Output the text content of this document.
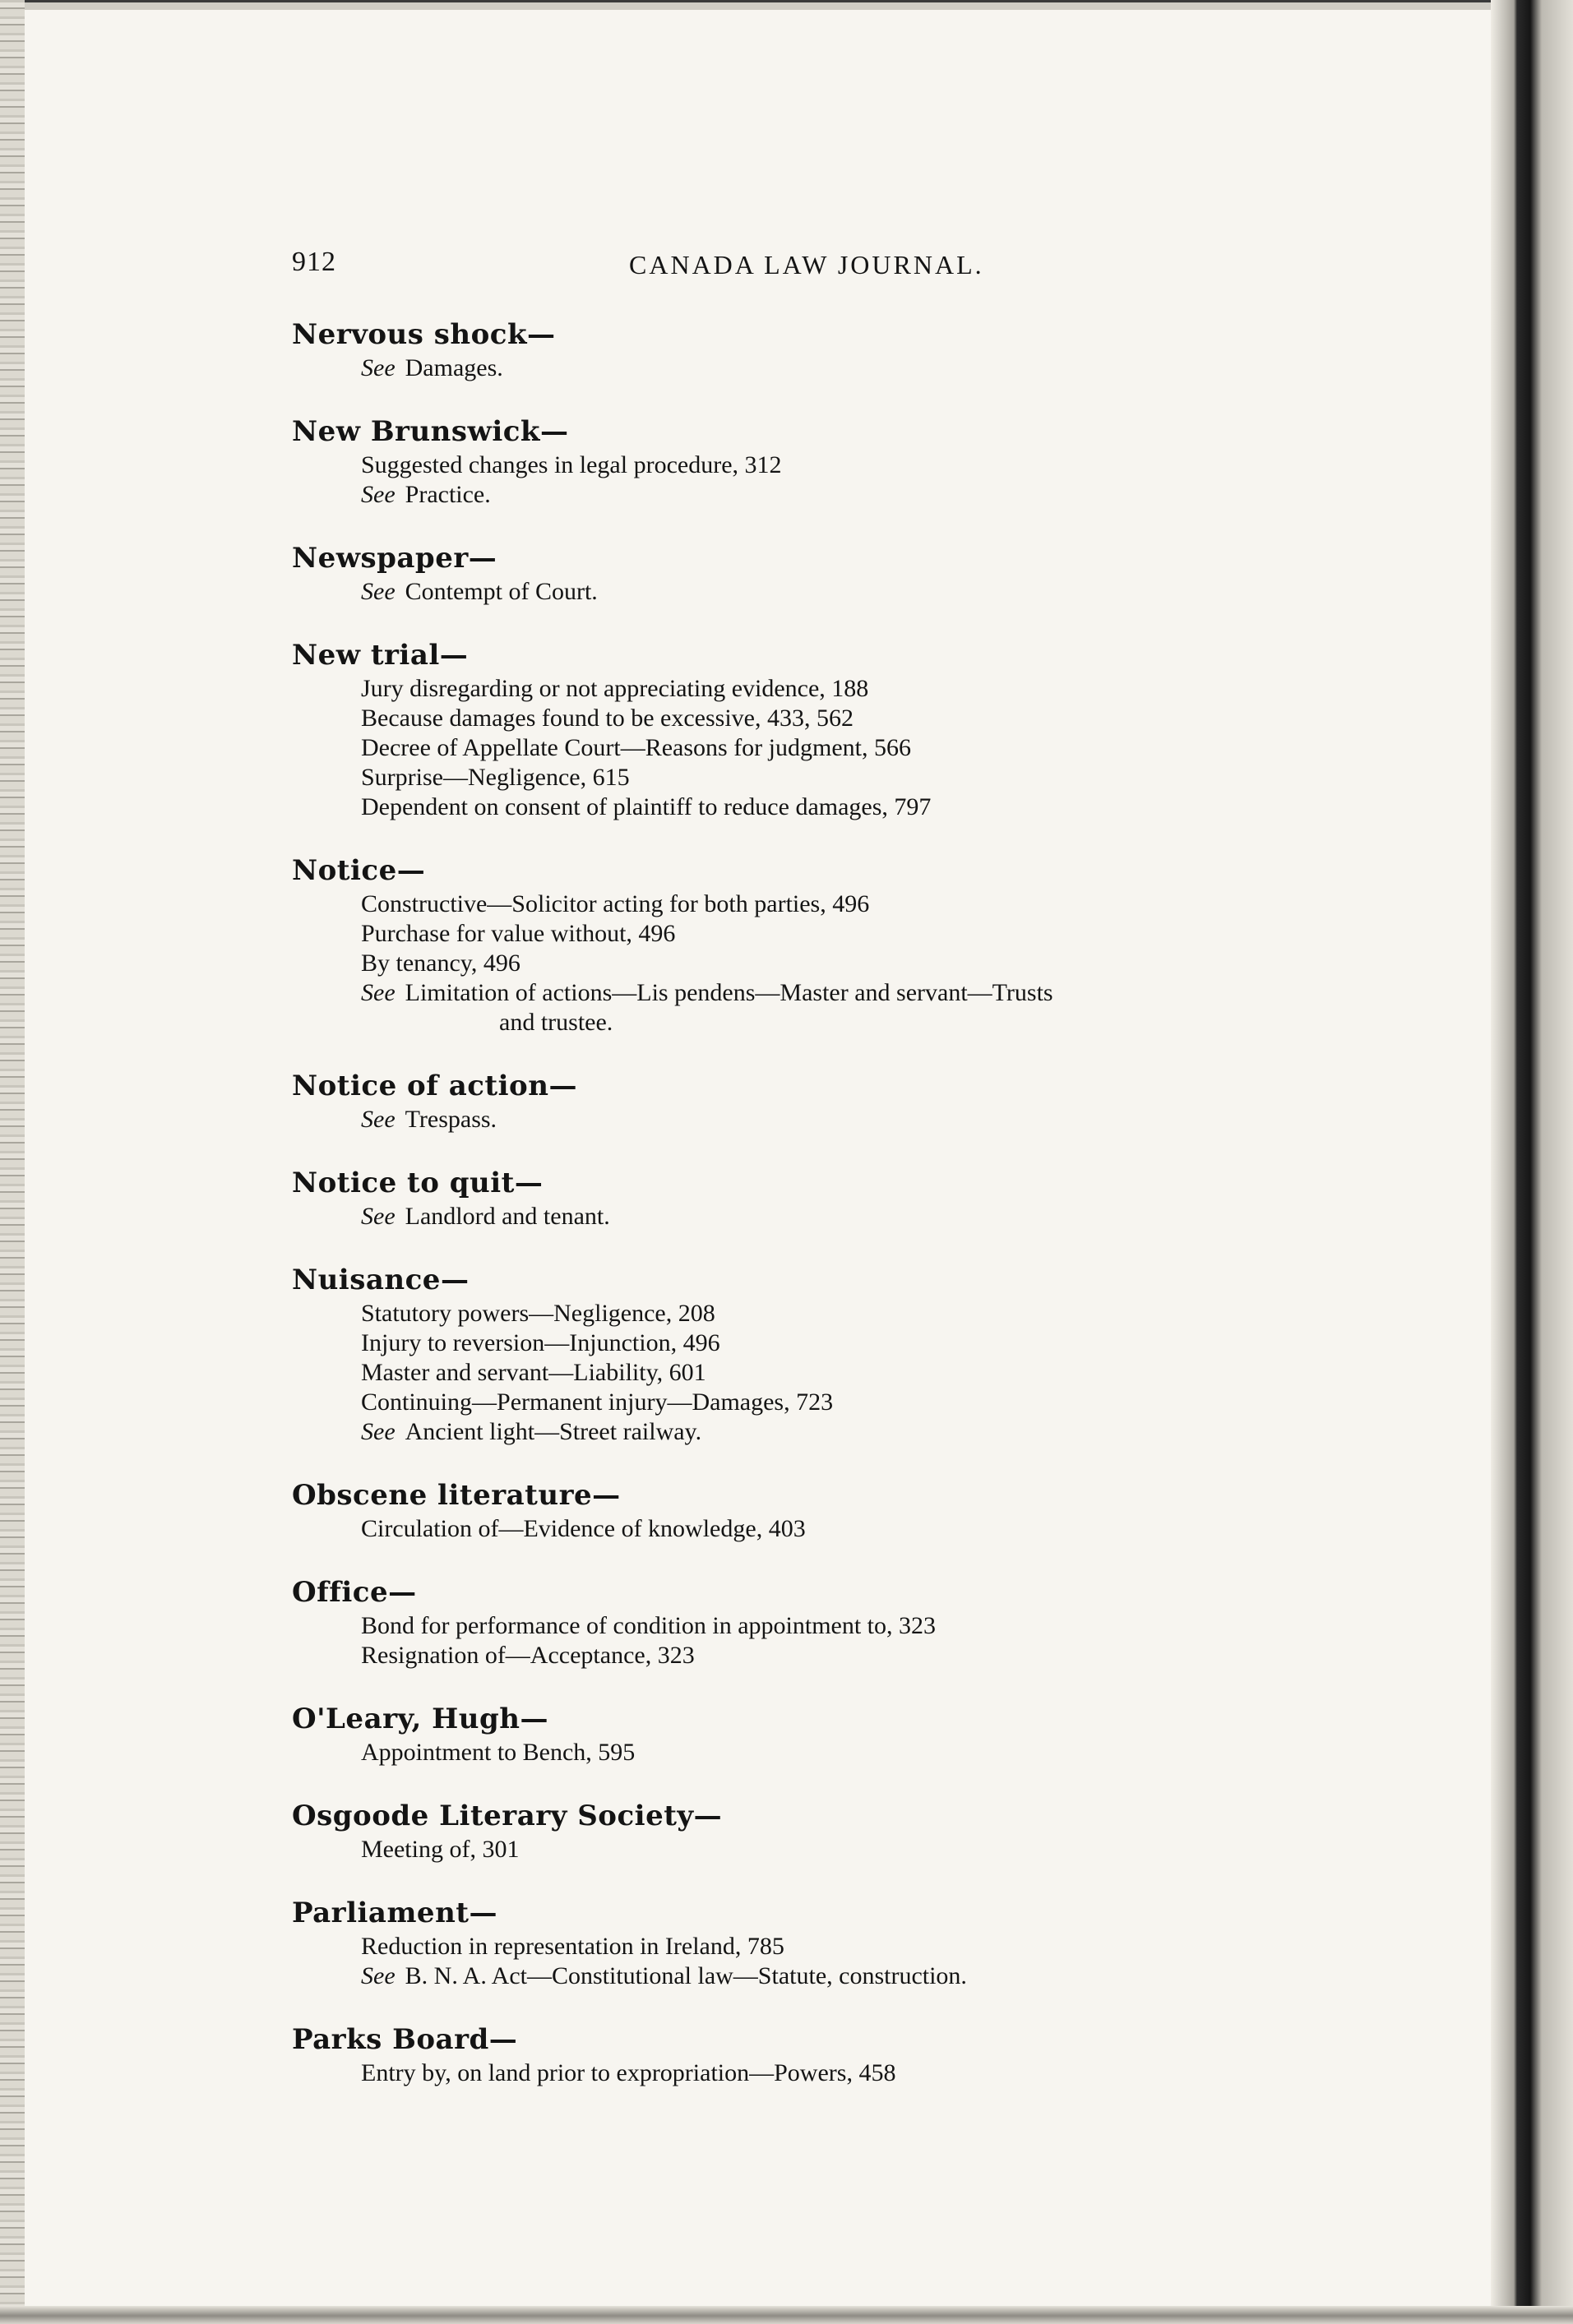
912	CANADA LAW JOURNAL.
Nervous shock—
See Damages.
New Brunswick—
Suggested changes in legal procedure, 312
See Practice.
Newspaper—
See Contempt of Court.
New trial—
Jury disregarding or not appreciating evidence, 188
Because damages found to be excessive, 433, 562
Decree of Appellate Court—Reasons for judgment, 566
Surprise—Negligence, 615
Dependent on consent of plaintiff to reduce damages, 797
Notice—
Constructive—Solicitor acting for both parties, 496
Purchase for value without, 496
By tenancy, 496
See Limitation of actions—Lis pendens—Master and servant—Trusts
and trustee.
Notice of action—
See Trespass.
Notice to quit—
See Landlord and tenant.
Nuisance—
Statutory powers—Negligence, 208
Injury to reversion—Injunction, 496
Master and servant—Liability, 601
Continuing—Permanent injury—Damages, 723
See Ancient light—Street railway.
Obscene literature—
Circulation of—Evidence of knowledge, 403
Office—
Bond for performance of condition in appointment to, 323
Resignation of—Acceptance, 323
O'Leary, Hugh—
Appointment to Bench, 595
Osgoode Literary Society—
Meeting of, 301
Parliament—
Reduction in representation in Ireland, 785
See B. N. A. Act—Constitutional law—Statute, construction.
Parks Board—
Entry by, on land prior to expropriation—Powers, 458
